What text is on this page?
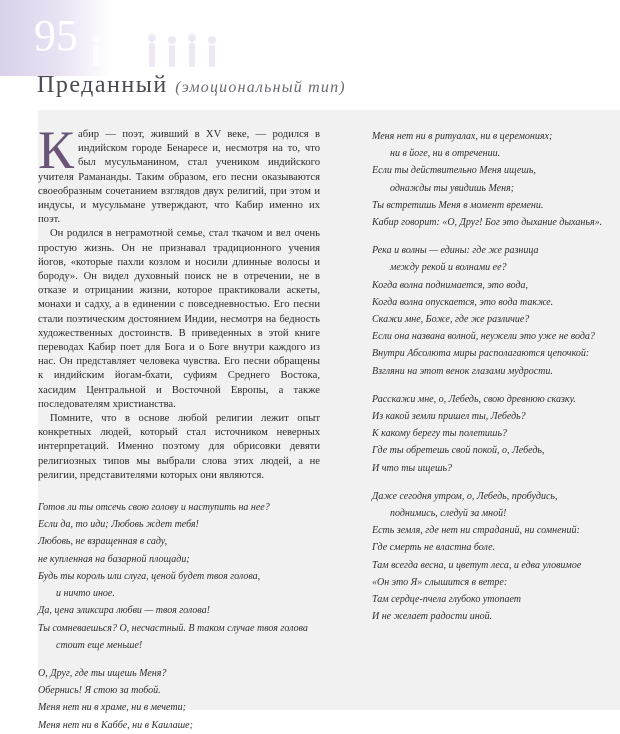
95
Преданный (эмоциональный тип)

Кабир — поэт, живший в XV веке, — родился в индийском городе Бенаресе и, несмотря на то, что был мусульманином, стал учеником индийского учителя Рамананды. Таким образом, его песни оказываются своеобразным сочетанием взглядов двух религий, при этом и индусы, и мусульмане утверждают, что Кабир именно их поэт.

Он родился в неграмотной семье, стал ткачом и вел очень простую жизнь. Он не признавал традиционного учения йогов, «которые пахли козлом и носили длинные волосы и бороду». Он видел духовный поиск не в отречении, не в отказе и отрицании жизни, которое практиковали аскеты, монахи и садху, а в единении с повседневностью. Его песни стали поэтическим достоянием Индии, несмотря на бедность художественных достоинств. В приведенных в этой книге переводах Кабир поет для Бога и о Боге внутри каждого из нас. Он представляет человека чувства. Его песни обращены к индийским йогам-бхати, суфиям Среднего Востока, хасидим Центральной и Восточной Европы, а также последователям христианства.

Помните, что в основе любой религии лежит опыт конкретных людей, который стал источником неверных интерпретаций. Именно поэтому для обрисовки девяти религиозных типов мы выбрали слова этих людей, а не религии, представителями которых они являются.

Готов ли ты отсечь свою голову и наступить на нее?
Если да, то иди; Любовь ждет тебя!
Любовь, не взращенная в саду,
не купленная на базарной площади;
Будь ты король или слуга, ценой будет твоя голова,
и ничто иное.
Да, цена эликсира любви — твоя голова!
Ты сомневаешься? О, несчастный. В таком случае твоя голова
стоит еще меньше!
О, Друг, где ты ищешь Меня?
Обернись! Я стою за тобой.
Меня нет ни в храме, ни в мечети;
Меня нет ни в Каббе, ни в Каилаше;
Меня нет ни в ритуалах, ни в церемониях;
ни в йоге, ни в отречении.
Если ты действительно Меня ищешь,
однажды ты увидишь Меня;
Ты встретишь Меня в момент времени.
Кабир говорит: «О, Друг! Бог это дыхание дыханья».
Река и волны — едины: где же разница
между рекой и волнами ее?
Когда волна поднимается, это вода,
Когда волна опускается, это вода также.
Скажи мне, Боже, где же различие?
Если она названа волной, неужели это уже не вода?
Внутри Абсолюта миры располагаются цепочкой:
Взгляни на этот венок глазами мудрости.
Расскажи мне, о, Лебедь, свою древнюю сказку.
Из какой земли пришел ты, Лебедь?
К какому берегу ты полетишь?
Где ты обретешь свой покой, о, Лебедь,
И что ты ищешь?
Даже сегодня утром, о, Лебедь, пробудись,
поднимись, следуй за мной!
Есть земля, где нет ни страданий, ни сомнений:
Где смерть не властна боле.
Там всегда весна, и цветут леса, и едва уловимое
«Он это Я» слышится в ветре:
Там сердце-пчела глубоко утопает
И не желает радости иной.
